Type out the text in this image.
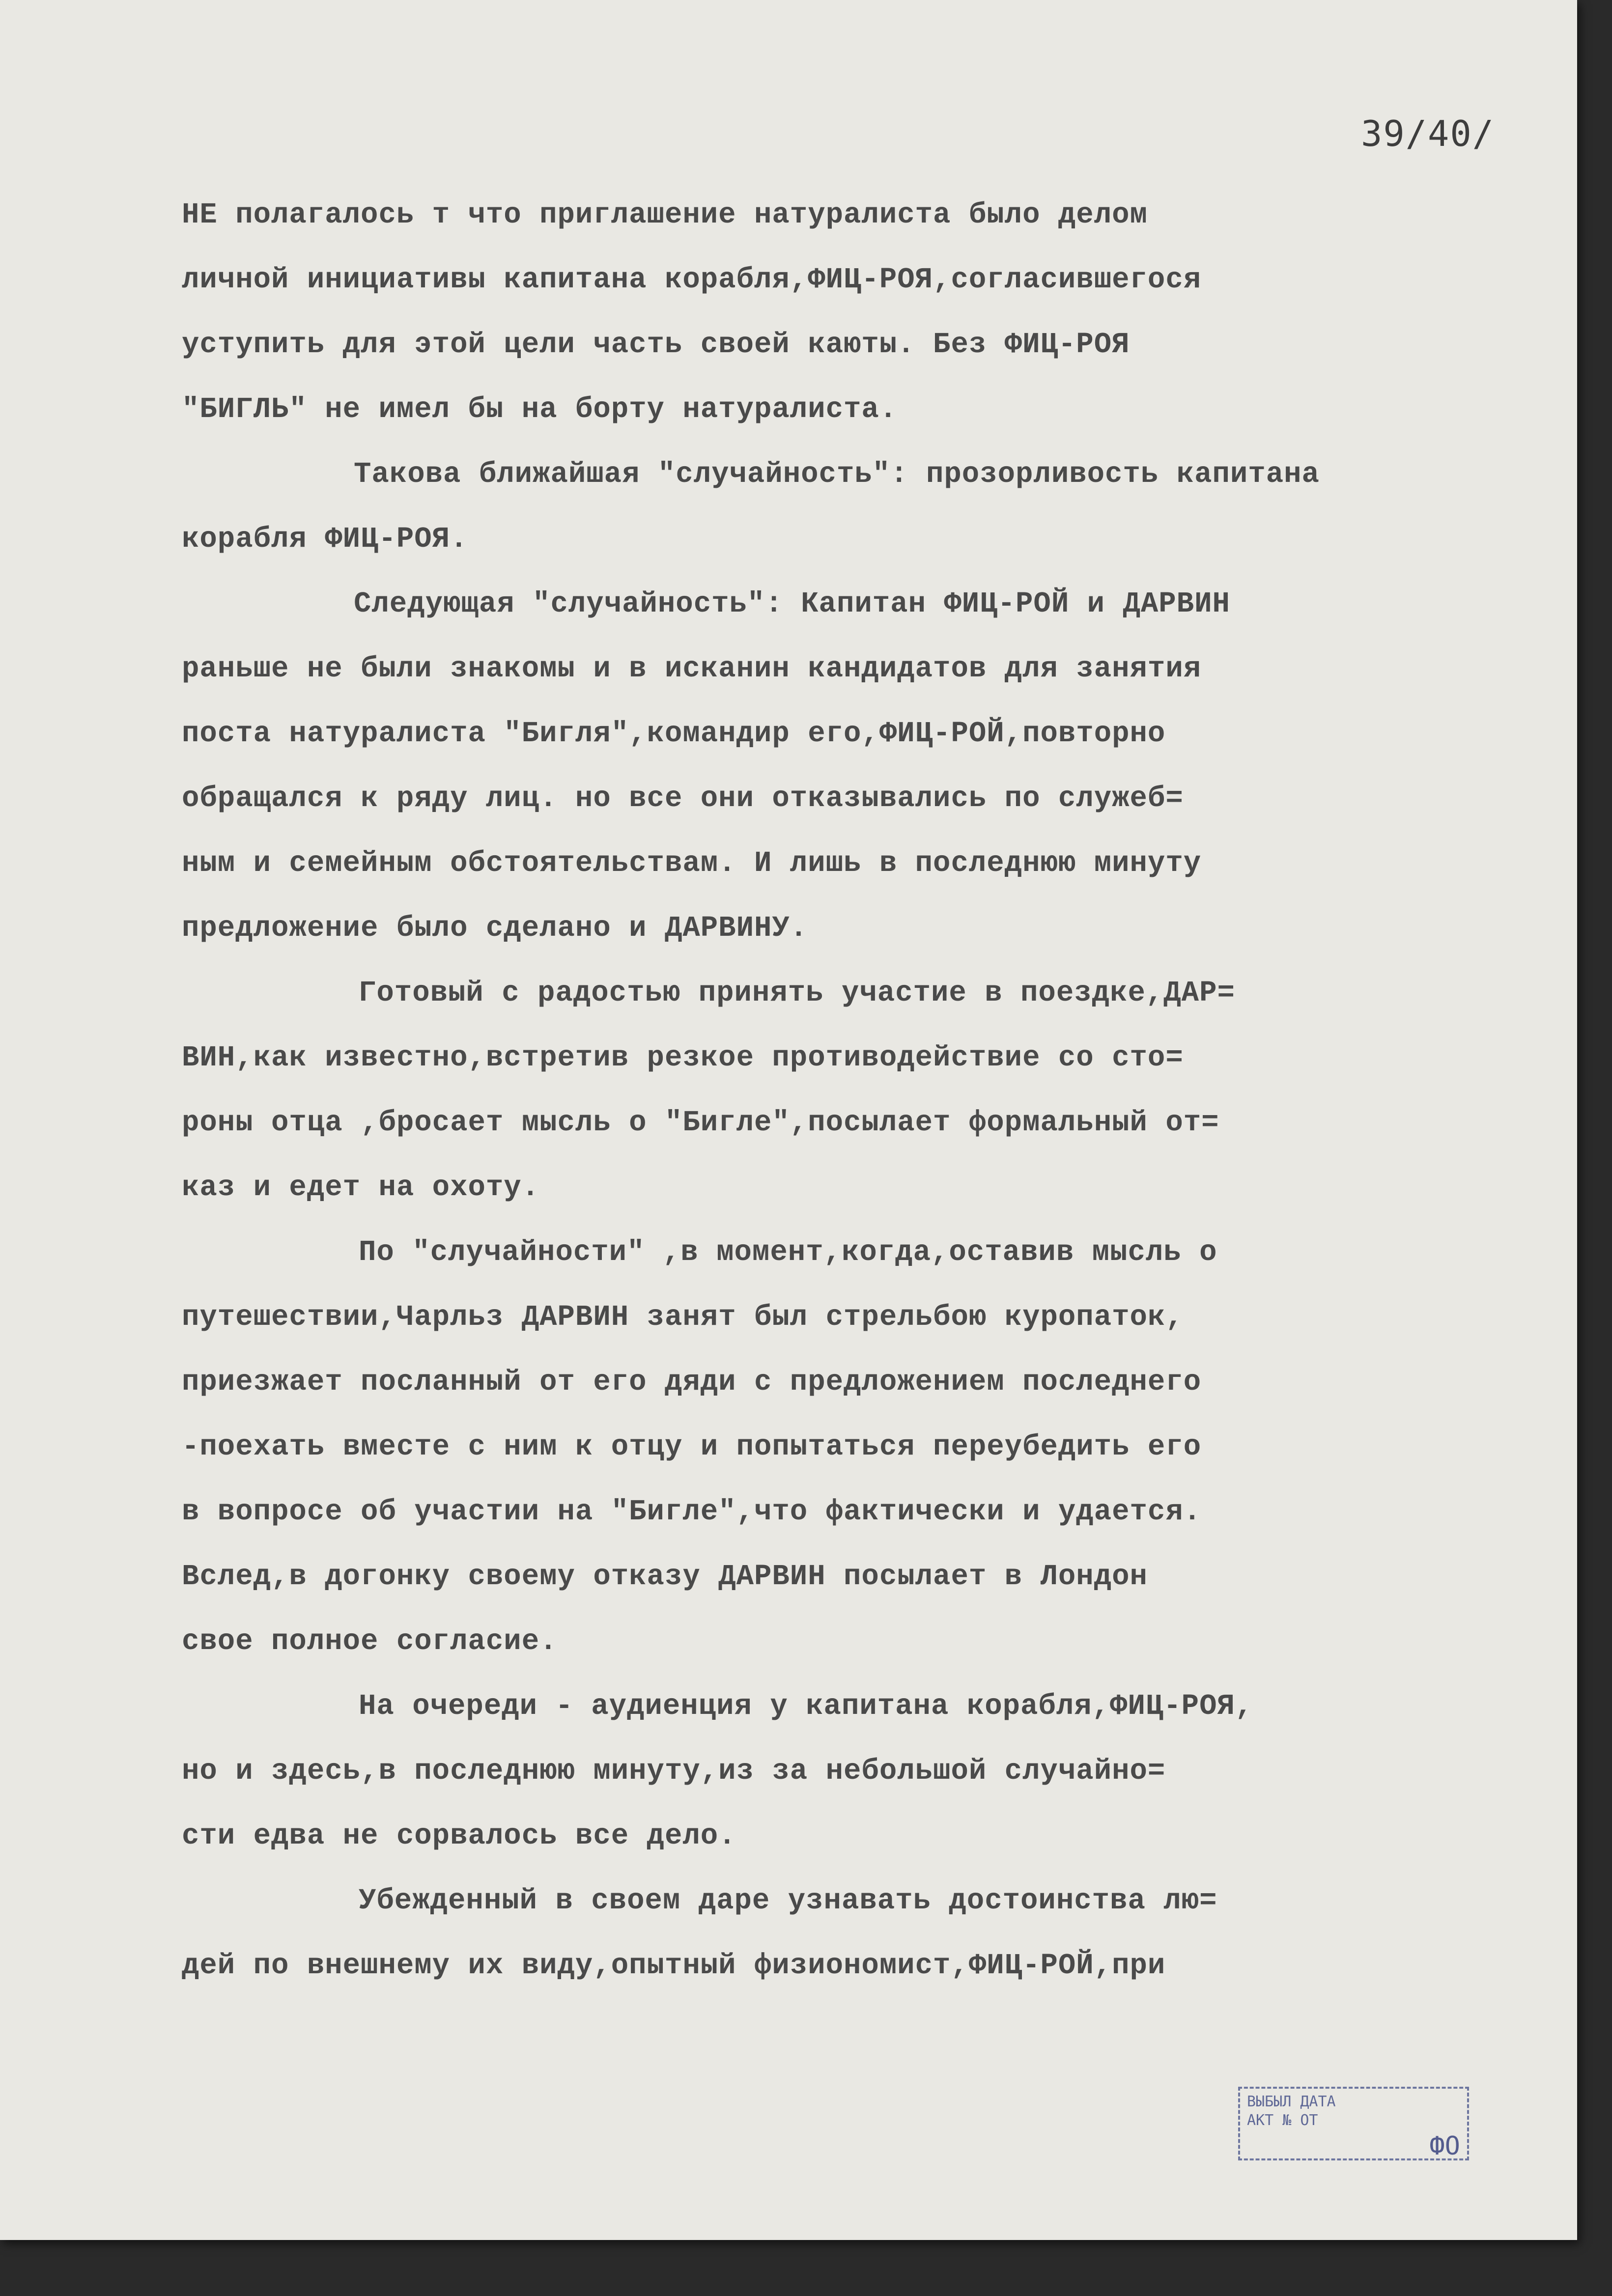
39/40/
НЕ полагалось т что приглашение натуралиста было делом
личной инициативы капитана корабля,ФИЦ-РОЯ,согласившегося
уступить для этой цели часть своей каюты. Без ФИЦ-РОЯ
"БИГЛЬ" не имел бы на борту натуралиста.
Такова ближайшая "случайность": прозорливость капитана
корабля ФИЦ-РОЯ.
Следующая "случайность": Капитан ФИЦ-РОЙ и ДАРВИН
раньше не были знакомы и в исканин кандидатов для занятия
поста натуралиста "Бигля",командир его,ФИЦ-РОЙ,повторно
обращался к ряду лиц. но все они отказывались по служеб=
ным и семейным обстоятельствам. И лишь в последнюю минуту
предложение было сделано и ДАРВИНУ.
Готовый с радостью принять участие в поездке,ДАР=
ВИН,как известно,встретив резкое противодействие со сто=
роны отца ,бросает мысль о "Бигле",посылает формальный от=
каз и едет на охоту.
По "случайности" ,в момент,когда,оставив мысль о
путешествии,Чарльз ДАРВИН занят был стрельбою куропаток,
приезжает посланный от его дяди с предложением последнего
-поехать вместе с ним к отцу и попытаться переубедить его
в вопросе об участии на "Бигле",что фактически и удается.
Вслед,в догонку своему отказу ДАРВИН посылает в Лондон
свое полное согласие.
На очереди - аудиенция у капитана корабля,ФИЦ-РОЯ,
но и здесь,в последнюю минуту,из за небольшой случайно=
сти едва не сорвалось все дело.
Убежденный в своем даре узнавать достоинства лю=
дей по внешнему их виду,опытный физиономист,ФИЦ-РОЙ,при
ВЫБЫЛ ДАТА
АКТ № ОТ
ФО
